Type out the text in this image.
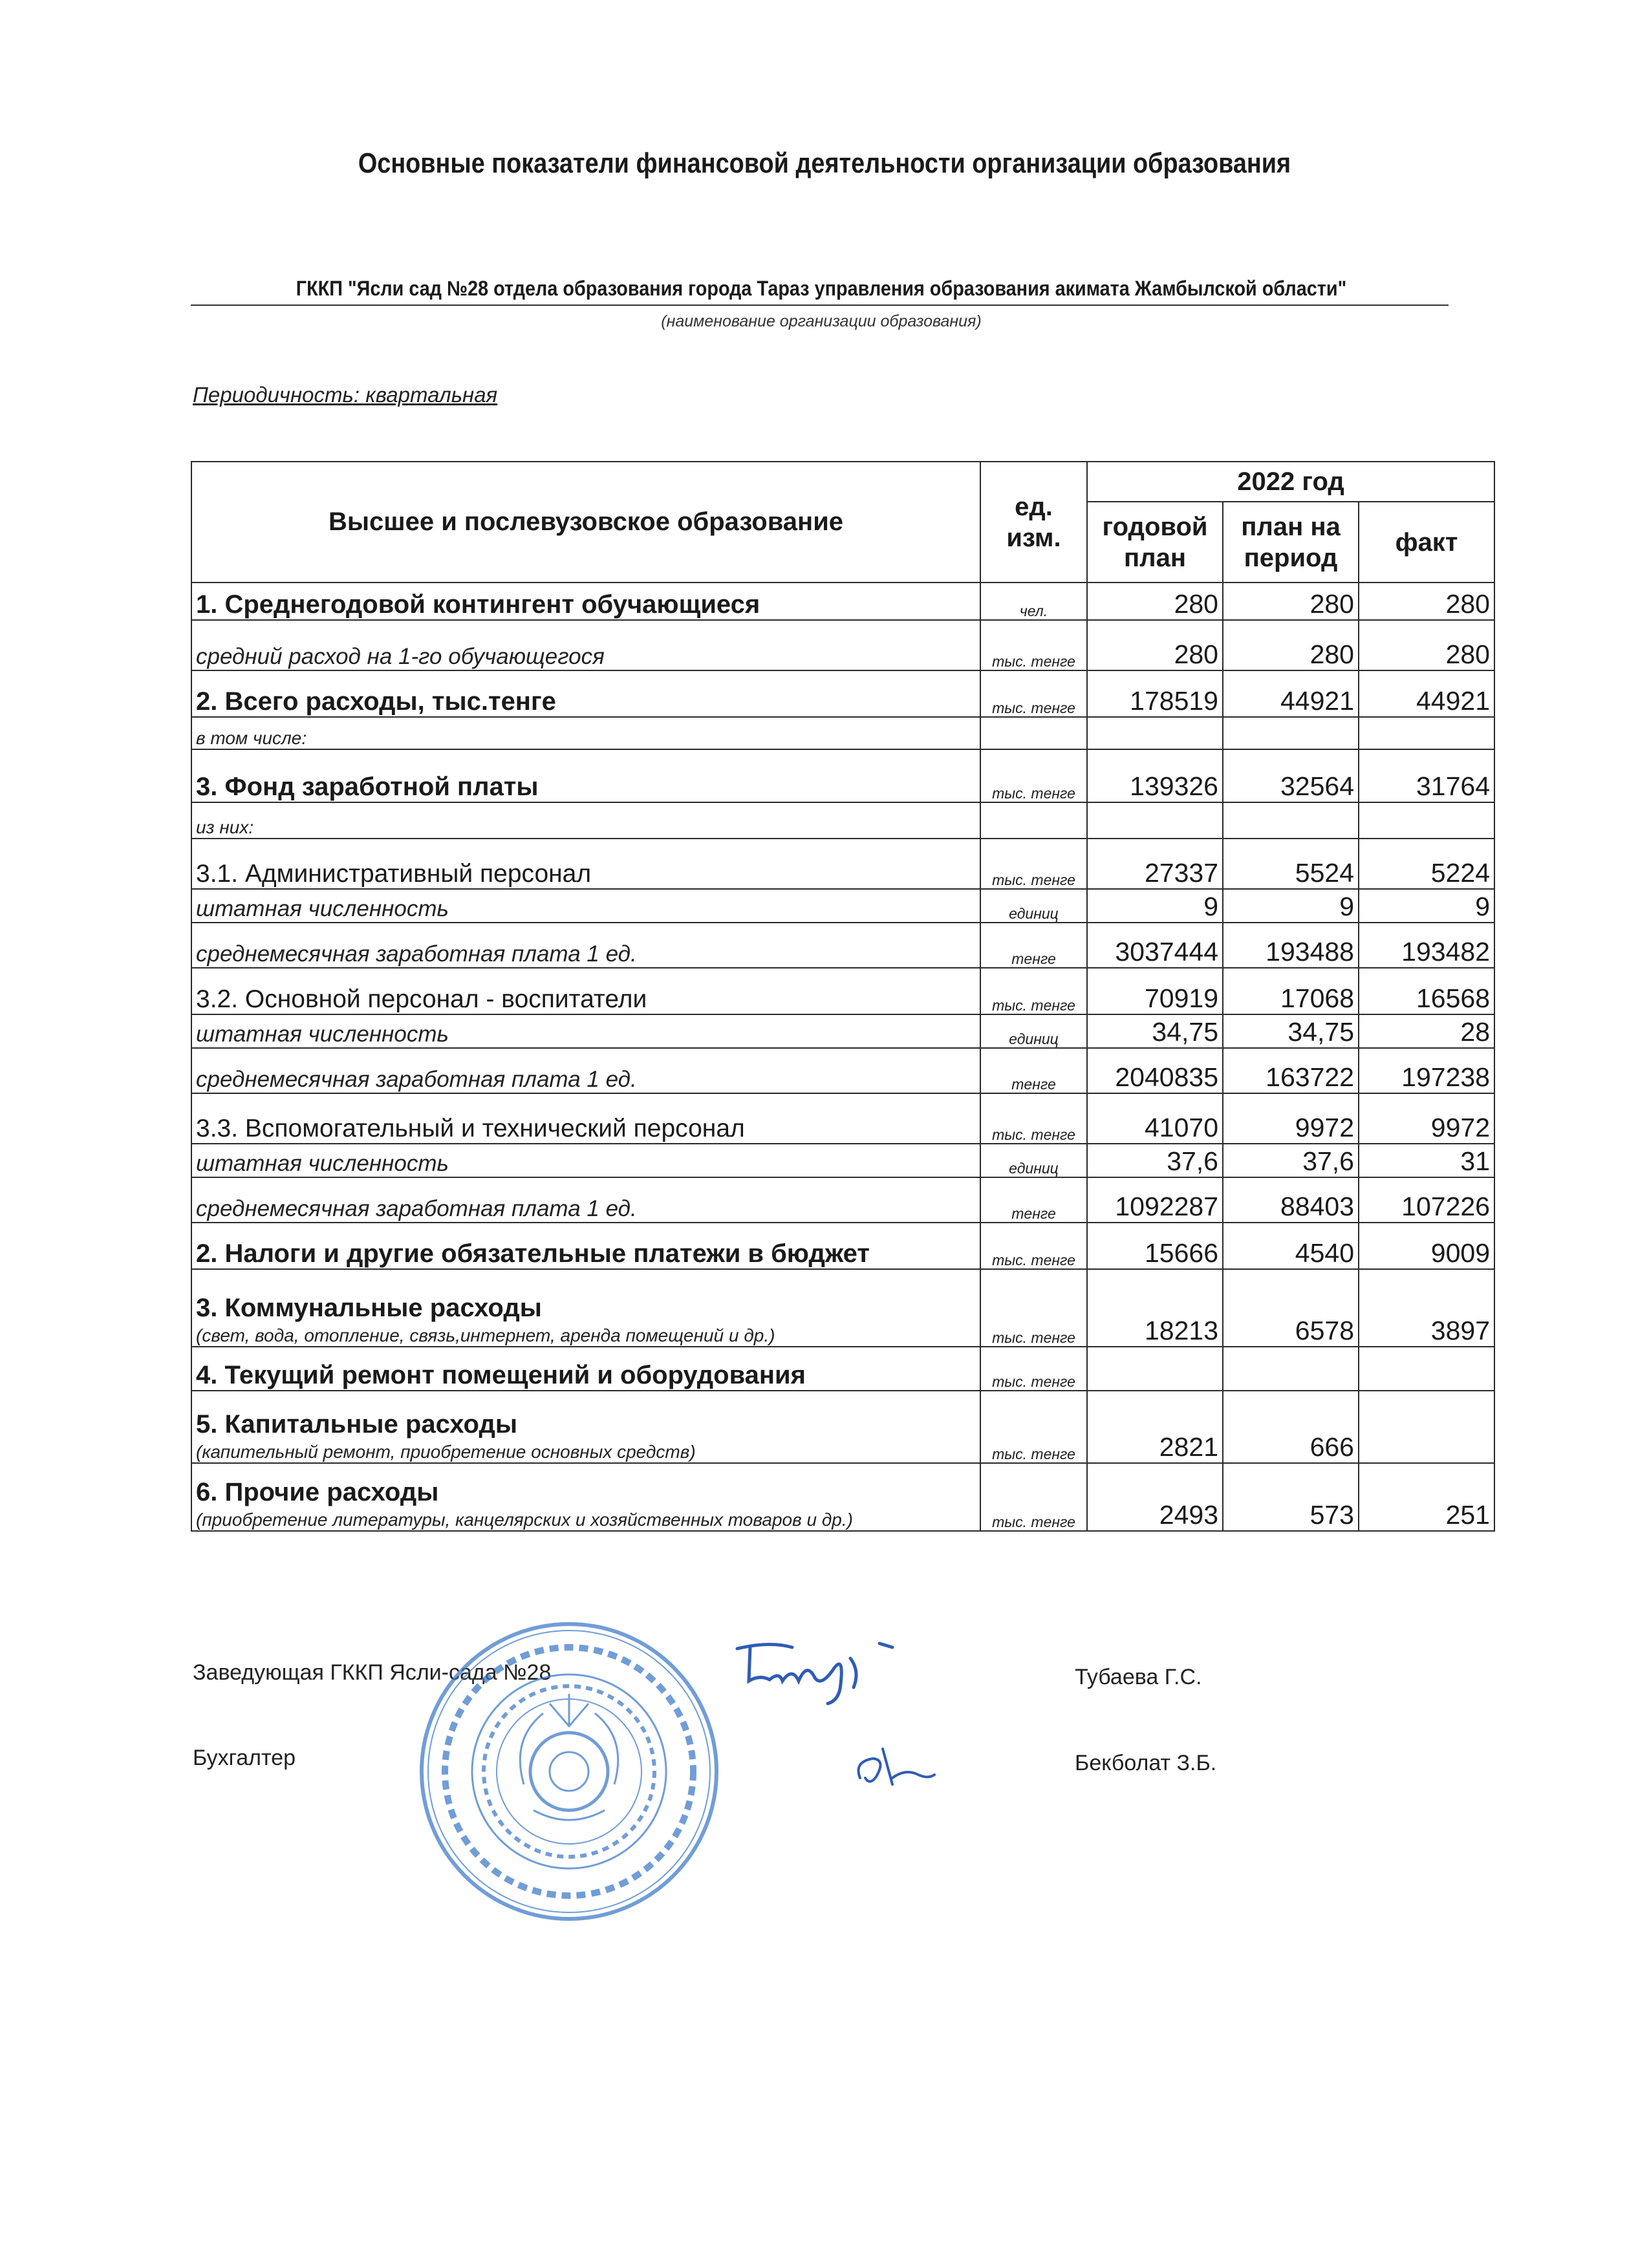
Основные показатели финансовой деятельности организации образования
ГККП "Ясли сад №28 отдела образования города Тараз управления образования акимата Жамбылской области"
(наименование организации образования)
Периодичность: квартальная
Высшее и послевузовское образование	ед. изм.	2022 год		
		годовой план	план на период	факт
1. Среднегодовой контингент обучающиеся	чел.	280	280	280
средний расход на 1-го обучающегося	тыс. тенге	280	280	280
2. Всего расходы, тыс.тенге	тыс. тенге	178519	44921	44921
в том числе:				
3. Фонд заработной платы	тыс. тенге	139326	32564	31764
из них:				
3.1. Административный персонал	тыс. тенге	27337	5524	5224
штатная численность	единиц	9	9	9
среднемесячная заработная плата 1 ед.	тенге	3037444	193488	193482
3.2. Основной персонал - воспитатели	тыс. тенге	70919	17068	16568
штатная численность	единиц	34,75	34,75	28
среднемесячная заработная плата 1 ед.	тенге	2040835	163722	197238
3.3. Вспомогательный и технический персонал	тыс. тенге	41070	9972	9972
штатная численность	единиц	37,6	37,6	31
среднемесячная заработная плата 1 ед.	тенге	1092287	88403	107226
2. Налоги и другие обязательные платежи в бюджет	тыс. тенге	15666	4540	9009
3. Коммунальные расходы
(свет, вода, отопление, связь,интернет, аренда помещений и др.)	тыс. тенге	18213	6578	3897
4. Текущий ремонт помещений и оборудования	тыс. тенге			
5. Капитальные расходы
(капительный ремонт, приобретение основных средств)	тыс. тенге	2821	666	
6. Прочие расходы
(приобретение литературы, канцелярских и хозяйственных товаров и др.)	тыс. тенге	2493	573	251
Заведующая ГККП Ясли-сада №28	Тубаева Г.С.
Бухгалтер	Бекболат З.Б.
